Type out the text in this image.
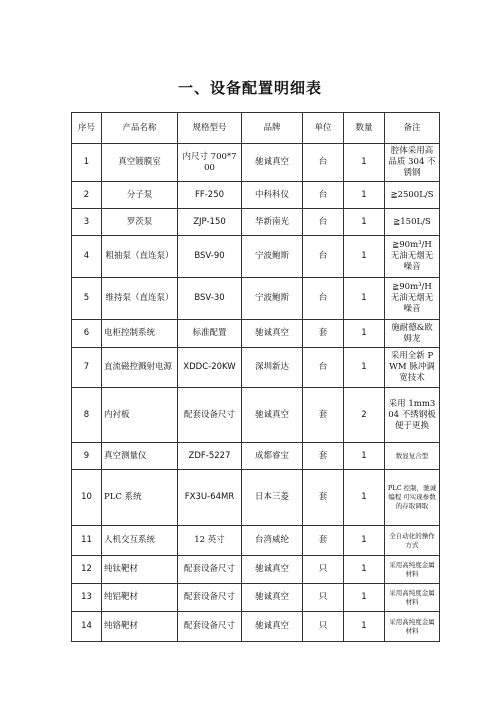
一、设备配置明细表
序号	产品名称	规格型号	品牌	单位	数量	备注
1	真空镀膜室	内尺寸 700*700	驰诚真空	台	1	腔体采用高品质 304 不锈钢
2	分子泵	FF-250	中科科仪	台	1	≧2500L/S
3	罗茨泵	ZJP-150	华新南光	台	1	≧150L/S
4	粗抽泵（直连泵）	BSV-90	宁波鲍斯	台	1	≧90m³/H 无油无烟无噪音
5	维持泵（直连泵）	BSV-30	宁波鲍斯	台	1	≧90m³/H 无油无烟无噪音
6	电柜控制系统	标准配置	驰诚真空	套	1	施耐德&欧姆龙
7	直流磁控溅射电源	XDDC-20KW	深圳新达	台	1	采用全新 PWM 脉冲调宽技术
8	内衬板	配套设备尺寸	驰诚真空	套	2	采用 1mm304 不绣钢板便于更换
9	真空测量仪	ZDF-5227	成都睿宝	套	1	数显复合型
10	PLC 系统	FX3U-64MR	日本三菱	套	1	PLC 控制，驰诚编程 可实现参数的存取调取
11	人机交互系统	12 英寸	台湾威纶	套	1	全自动化的操作方式
12	纯钛靶材	配套设备尺寸	驰诚真空	只	1	采用高纯度金属材料
13	纯铝靶材	配套设备尺寸	驰诚真空	只	1	采用高纯度金属材料
14	纯铬靶材	配套设备尺寸	驰诚真空	只	1	采用高纯度金属材料
